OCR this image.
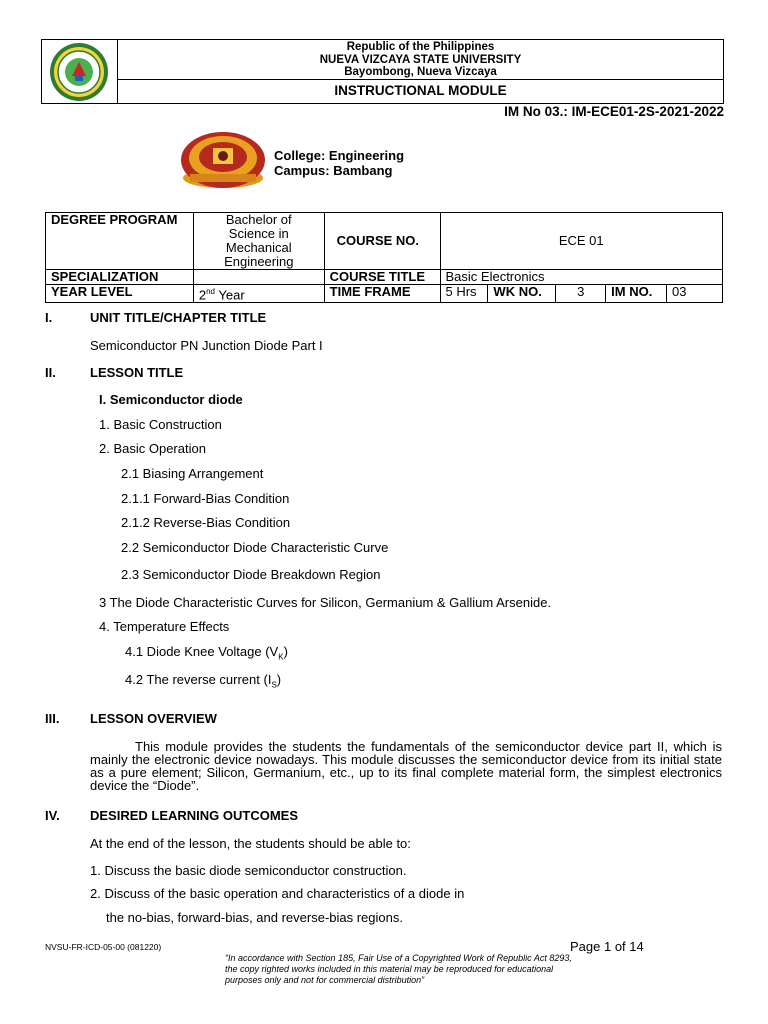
Republic of the Philippines
NUEVA VIZCAYA STATE UNIVERSITY
Bayombong, Nueva Vizcaya
INSTRUCTIONAL MODULE
IM No 03.: IM-ECE01-2S-2021-2022
College: Engineering
Campus: Bambang
DEGREE PROGRAM	Bachelor of
Science in
Mechanical
Engineering	COURSE NO.	ECE 01				
SPECIALIZATION		COURSE TITLE	Basic Electronics				
YEAR LEVEL	2nd Year	TIME FRAME	5 Hrs	WK NO.	3	IM NO.	03
I.	UNIT TITLE/CHAPTER TITLE
Semiconductor PN Junction Diode Part I
II.	LESSON TITLE
I. Semiconductor diode
1. Basic Construction
2. Basic Operation
2.1 Biasing Arrangement
2.1.1 Forward-Bias Condition
2.1.2 Reverse-Bias Condition
2.2 Semiconductor Diode Characteristic Curve
2.3 Semiconductor Diode Breakdown Region
3 The Diode Characteristic Curves for Silicon, Germanium & Gallium Arsenide.
4. Temperature Effects
4.1 Diode Knee Voltage $(V_K)$
4.2 The reverse current $(I_S)$
III. LESSON OVERVIEW
This module provides the students the fundamentals of the semiconductor device part II, which is mainly the electronic device nowadays. This module discusses the semiconductor device from its initial state as a pure element; Silicon, Germanium, etc., up to its final complete material form, the simplest electronics device the “Diode”.
IV. DESIRED LEARNING OUTCOMES
At the end of the lesson, the students should be able to:
1. Discuss the basic diode semiconductor construction.
2. Discuss of the basic operation and characteristics of a diode in
the no-bias, forward-bias, and reverse-bias regions.
NVSU-FR-ICD-05-00 (081220)	Page 1 of 14
“In accordance with Section 185, Fair Use of a Copyrighted Work of Republic Act 8293, the copy righted works included in this material may be reproduced for educational purposes only and not for commercial distribution”
